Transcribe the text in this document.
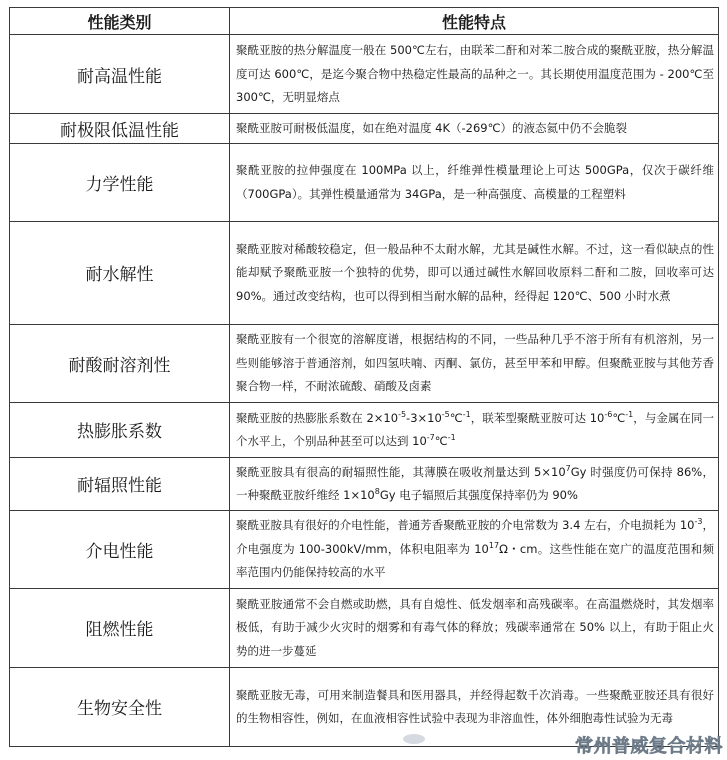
性能类别	性能特点
耐高温性能	聚酰亚胺的热分解温度一般在 500℃左右，由联苯二酐和对苯二胺合成的聚酰亚胺，热分解温度可达 600℃，是迄今聚合物中热稳定性最高的品种之一。其长期使用温度范围为 - 200℃至 300℃，无明显熔点
耐极限低温性能	聚酰亚胺可耐极低温度，如在绝对温度 4K（-269℃）的液态氦中仍不会脆裂
力学性能	聚酰亚胺的拉伸强度在 100MPa 以上，纤维弹性模量理论上可达 500GPa，仅次于碳纤维（700GPa）。其弹性模量通常为 34GPa，是一种高强度、高模量的工程塑料
耐水解性	聚酰亚胺对稀酸较稳定，但一般品种不太耐水解，尤其是碱性水解。不过，这一看似缺点的性能却赋予聚酰亚胺一个独特的优势，即可以通过碱性水解回收原料二酐和二胺，回收率可达 90%。通过改变结构，也可以得到相当耐水解的品种，经得起 120℃、500 小时水煮
耐酸耐溶剂性	聚酰亚胺有一个很宽的溶解度谱，根据结构的不同，一些品种几乎不溶于所有有机溶剂，另一些则能够溶于普通溶剂，如四氢呋喃、丙酮、氯仿，甚至甲苯和甲醇。但聚酰亚胺与其他芳香聚合物一样，不耐浓硫酸、硝酸及卤素
热膨胀系数	聚酰亚胺的热膨胀系数在 $2\times 10^{-5}-3\times 10^{-5}℃^{-1}$，联苯型聚酰亚胺可达 $10^{-6}℃^{-1}$，与金属在同一个水平上，个别品种甚至可以达到 $10^{-7}℃^{-1}$
耐辐照性能	聚酰亚胺具有很高的耐辐照性能，其薄膜在吸收剂量达到 $5\times 10^7Gy$ 时强度仍可保持 86%，一种聚酰亚胺纤维经 $1\times 10^8Gy$ 电子辐照后其强度保持率仍为 90%
介电性能	聚酰亚胺具有很好的介电性能，普通芳香聚酰亚胺的介电常数为 3.4 左右，介电损耗为 $10^{-3}$，介电强度为 100-300kV/mm，体积电阻率为 $10^{17}\Omega$・cm。这些性能在宽广的温度范围和频率范围内仍能保持较高的水平
阻燃性能	聚酰亚胺通常不会自燃或助燃，具有自熄性、低发烟率和高残碳率。在高温燃烧时，其发烟率极低，有助于减少火灾时的烟雾和有毒气体的释放；残碳率通常在 50% 以上，有助于阻止火势的进一步蔓延
生物安全性	聚酰亚胺无毒，可用来制造餐具和医用器具，并经得起数千次消毒。一些聚酰亚胺还具有很好的生物相容性，例如，在血液相容性试验中表现为非溶血性，体外细胞毒性试验为无毒
常州普威复合材料
